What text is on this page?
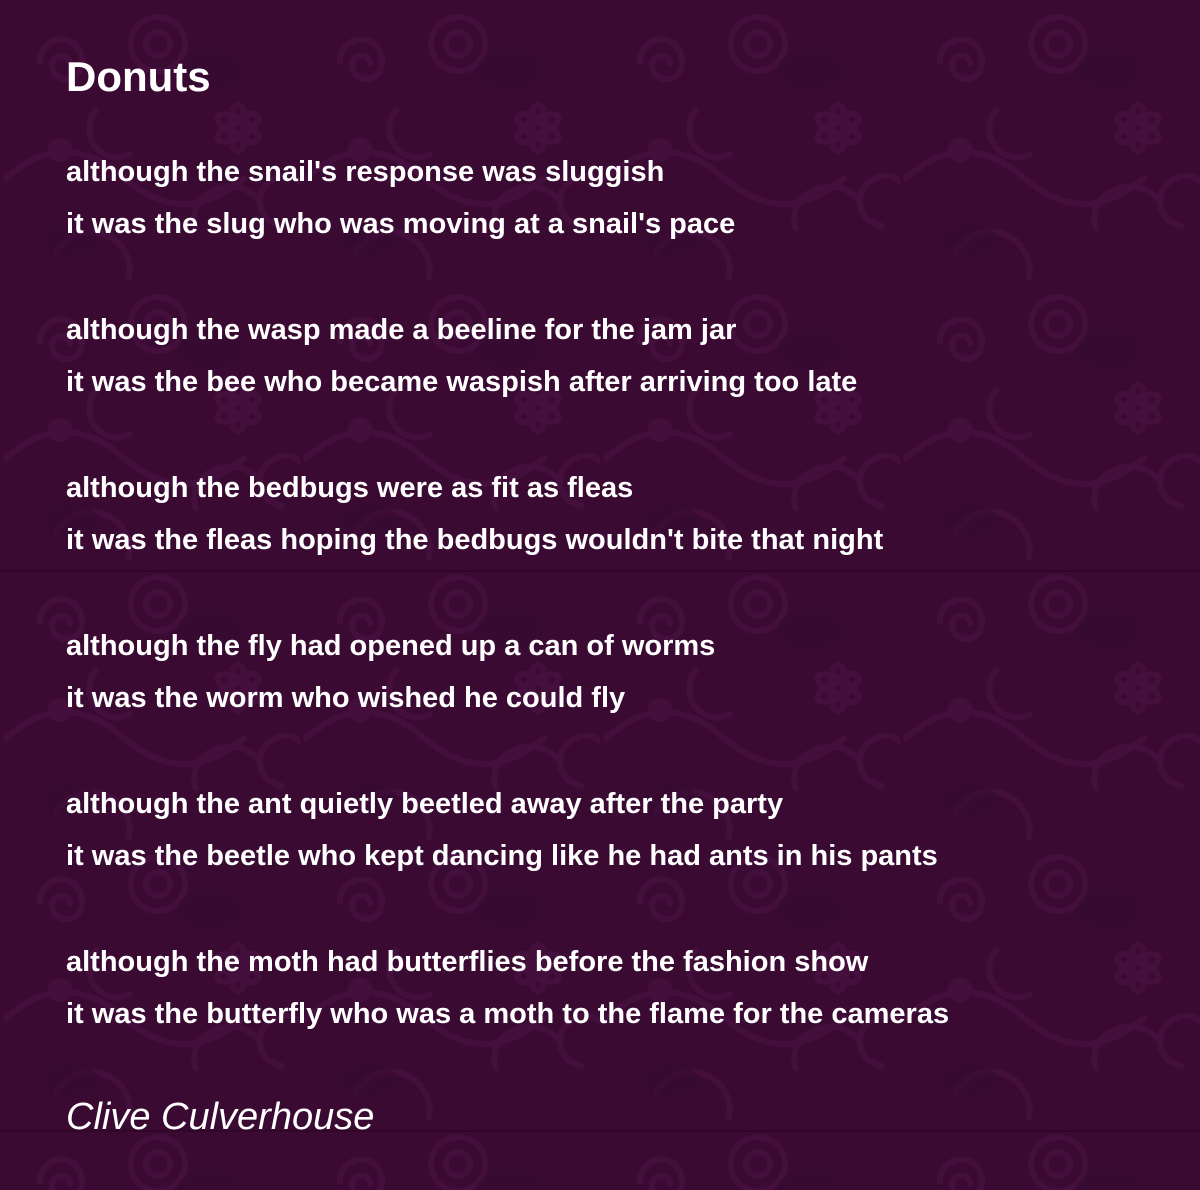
Donuts
although the snail's response was sluggish
it was the slug who was moving at a snail's pace
although the wasp made a beeline for the jam jar
it was the bee who became waspish after arriving too late
although the bedbugs were as fit as fleas
it was the fleas hoping the bedbugs wouldn't bite that night
although the fly had opened up a can of worms
it was the worm who wished he could fly
although the ant quietly beetled away after the party
it was the beetle who kept dancing like he had ants in his pants
although the moth had butterflies before the fashion show
it was the butterfly who was a moth to the flame for the cameras
Clive Culverhouse
